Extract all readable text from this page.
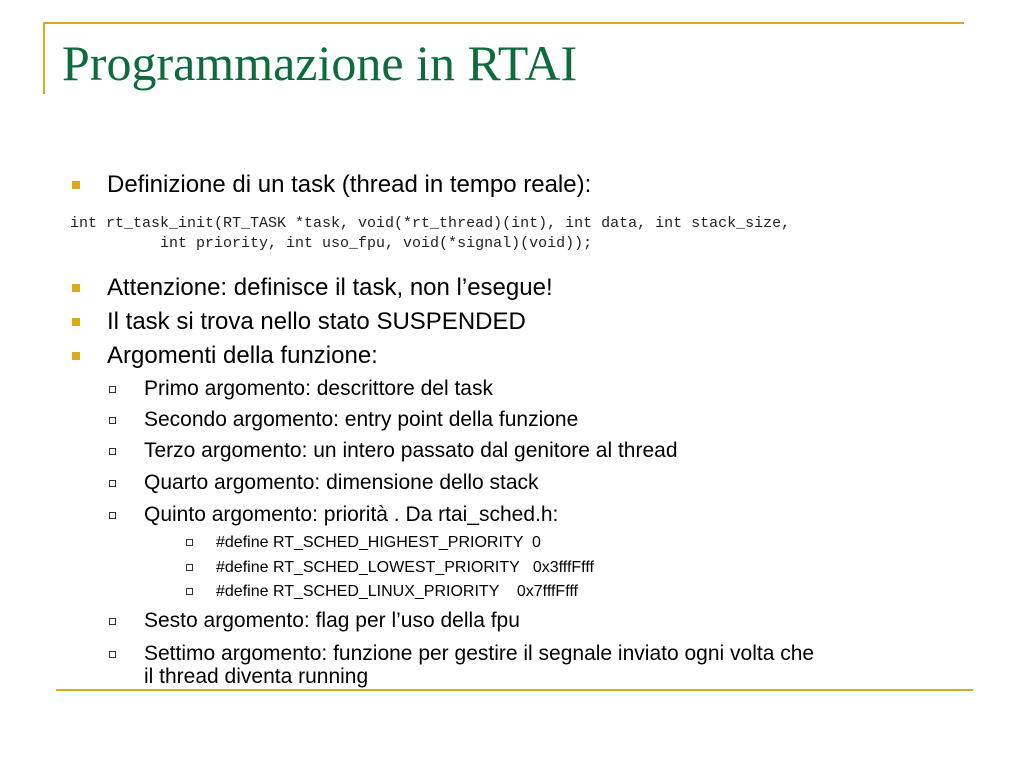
Programmazione in RTAI
Definizione di un task (thread in tempo reale):
int rt_task_init(RT_TASK *task, void(*rt_thread)(int), int data, int stack_size,
int priority, int uso_fpu, void(*signal)(void));
Attenzione: definisce il task, non l’esegue!
Il task si trova nello stato SUSPENDED
Argomenti della funzione:
Primo argomento: descrittore del task
Secondo argomento: entry point della funzione
Terzo argomento: un intero passato dal genitore al thread
Quarto argomento: dimensione dello stack
Quinto argomento: priorità . Da rtai_sched.h:
#define RT_SCHED_HIGHEST_PRIORITY  0
#define RT_SCHED_LOWEST_PRIORITY   0x3fffFfff
#define RT_SCHED_LINUX_PRIORITY    0x7fffFfff
Sesto argomento: flag per l’uso della fpu
Settimo argomento: funzione per gestire il segnale inviato ogni volta che
il thread diventa running
